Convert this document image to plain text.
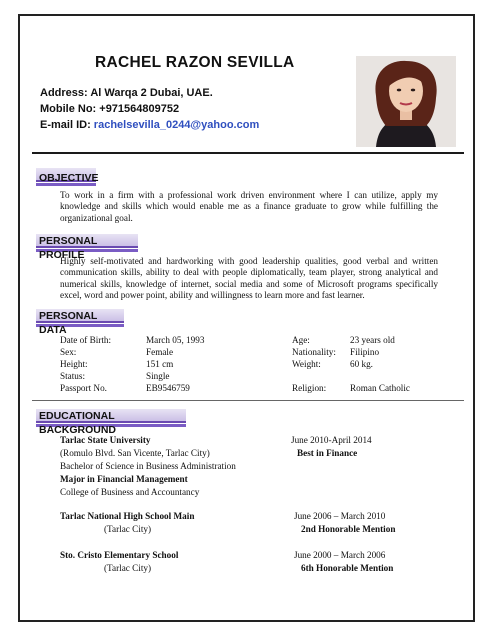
RACHEL RAZON SEVILLA
Address: Al Warqa 2 Dubai, UAE.
Mobile No: +971564809752
E-mail ID: rachelsevilla_0244@yahoo.com
OBJECTIVE
To work in a firm with a professional work driven environment where I can utilize, apply my knowledge and skills which would enable me as a finance graduate to grow while fulfilling the organizational goal.
PERSONAL PROFILE
Highly self-motivated and hardworking with good leadership qualities, good verbal and written communication skills, ability to deal with people diplomatically, team player, strong analytical and numerical skills, knowledge of internet, social media and some of Microsoft programs specifically excel, word and power point, ability and willingness to learn more and fast learner.
PERSONAL DATA
Date of Birth:	March 05, 1993	Age:	23 years old
Sex:	Female	Nationality: Filipino
Height:	151 cm	Weight:	60 kg.
Status:	Single
Passport No.	EB9546759	Religion:	Roman Catholic
EDUCATIONAL BACKGROUND
Tarlac State University	June 2010-April 2014
(Romulo Blvd. San Vicente, Tarlac City)	Best in Finance
Bachelor of Science in Business Administration
Major in Financial Management
College of Business and Accountancy
Tarlac National High School Main	June 2006 – March 2010
(Tarlac City)	2nd Honorable Mention
Sto. Cristo Elementary School	June 2000 – March 2006
(Tarlac City)	6th Honorable Mention
